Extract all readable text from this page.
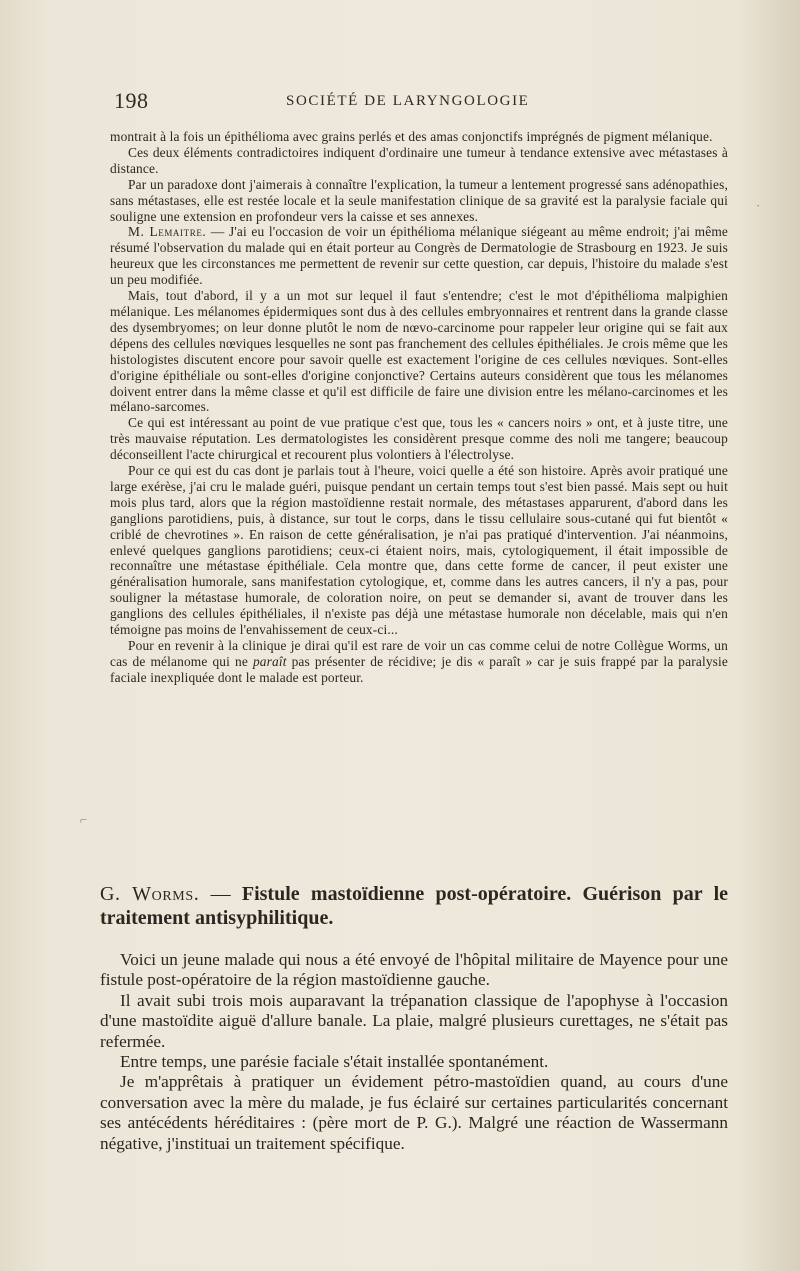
198	SOCIÉTÉ DE LARYNGOLOGIE

montrait à la fois un épithélioma avec grains perlés et des amas conjonctifs imprégnés de pigment mélanique.

Ces deux éléments contradictoires indiquent d'ordinaire une tumeur à tendance extensive avec métastases à distance.

Par un paradoxe dont j'aimerais à connaître l'explication, la tumeur a lentement progressé sans adénopathies, sans métastases, elle est restée locale et la seule manifestation clinique de sa gravité est la paralysie faciale qui souligne une extension en profondeur vers la caisse et ses annexes.

M. Lemaitre. — J'ai eu l'occasion de voir un épithélioma mélanique siégeant au même endroit; j'ai même résumé l'observation du malade qui en était porteur au Congrès de Dermatologie de Strasbourg en 1923. Je suis heureux que les circonstances me permettent de revenir sur cette question, car depuis, l'histoire du malade s'est un peu modifiée.

Mais, tout d'abord, il y a un mot sur lequel il faut s'entendre; c'est le mot d'épithélioma malpighien mélanique. Les mélanomes épidermiques sont dus à des cellules embryonnaires et rentrent dans la grande classe des dysembryomes; on leur donne plutôt le nom de nœvo-carcinome pour rappeler leur origine qui se fait aux dépens des cellules nœviques lesquelles ne sont pas franchement des cellules épithéliales. Je crois même que les histologistes discutent encore pour savoir quelle est exactement l'origine de ces cellules nœviques. Sont-elles d'origine épithéliale ou sont-elles d'origine conjonctive? Certains auteurs considèrent que tous les mélanomes doivent entrer dans la même classe et qu'il est difficile de faire une division entre les mélano-carcinomes et les mélano-sarcomes.

Ce qui est intéressant au point de vue pratique c'est que, tous les « cancers noirs » ont, et à juste titre, une très mauvaise réputation. Les dermatologistes les considèrent presque comme des noli me tangere; beaucoup déconseillent l'acte chirurgical et recourent plus volontiers à l'électrolyse.

Pour ce qui est du cas dont je parlais tout à l'heure, voici quelle a été son histoire. Après avoir pratiqué une large exérèse, j'ai cru le malade guéri, puisque pendant un certain temps tout s'est bien passé. Mais sept ou huit mois plus tard, alors que la région mastoïdienne restait normale, des métastases apparurent, d'abord dans les ganglions parotidiens, puis, à distance, sur tout le corps, dans le tissu cellulaire sous-cutané qui fut bientôt « criblé de chevrotines ». En raison de cette généralisation, je n'ai pas pratiqué d'intervention. J'ai néanmoins, enlevé quelques ganglions parotidiens; ceux-ci étaient noirs, mais, cytologiquement, il était impossible de reconnaître une métastase épithéliale. Cela montre que, dans cette forme de cancer, il peut exister une généralisation humorale, sans manifestation cytologique, et, comme dans les autres cancers, il n'y a pas, pour souligner la métastase humorale, de coloration noire, on peut se demander si, avant de trouver dans les ganglions des cellules épithéliales, il n'existe pas déjà une métastase humorale non décelable, mais qui n'en témoigne pas moins de l'envahissement de ceux-ci...

Pour en revenir à la clinique je dirai qu'il est rare de voir un cas comme celui de notre Collègue Worms, un cas de mélanome qui ne paraît pas présenter de récidive; je dis « paraît » car je suis frappé par la paralysie faciale inexpliquée dont le malade est porteur.

G. Worms. — Fistule mastoïdienne post-opératoire. Guérison par le traitement antisyphilitique.

Voici un jeune malade qui nous a été envoyé de l'hôpital militaire de Mayence pour une fistule post-opératoire de la région mastoïdienne gauche.

Il avait subi trois mois auparavant la trépanation classique de l'apophyse à l'occasion d'une mastoïdite aiguë d'allure banale. La plaie, malgré plusieurs curettages, ne s'était pas refermée.

Entre temps, une parésie faciale s'était installée spontanément.

Je m'apprêtais à pratiquer un évidement pétro-mastoïdien quand, au cours d'une conversation avec la mère du malade, je fus éclairé sur certaines particularités concernant ses antécédents héréditaires : (père mort de P. G.). Malgré une réaction de Wassermann négative, j'instituai un traitement spécifique.

·
⌐
